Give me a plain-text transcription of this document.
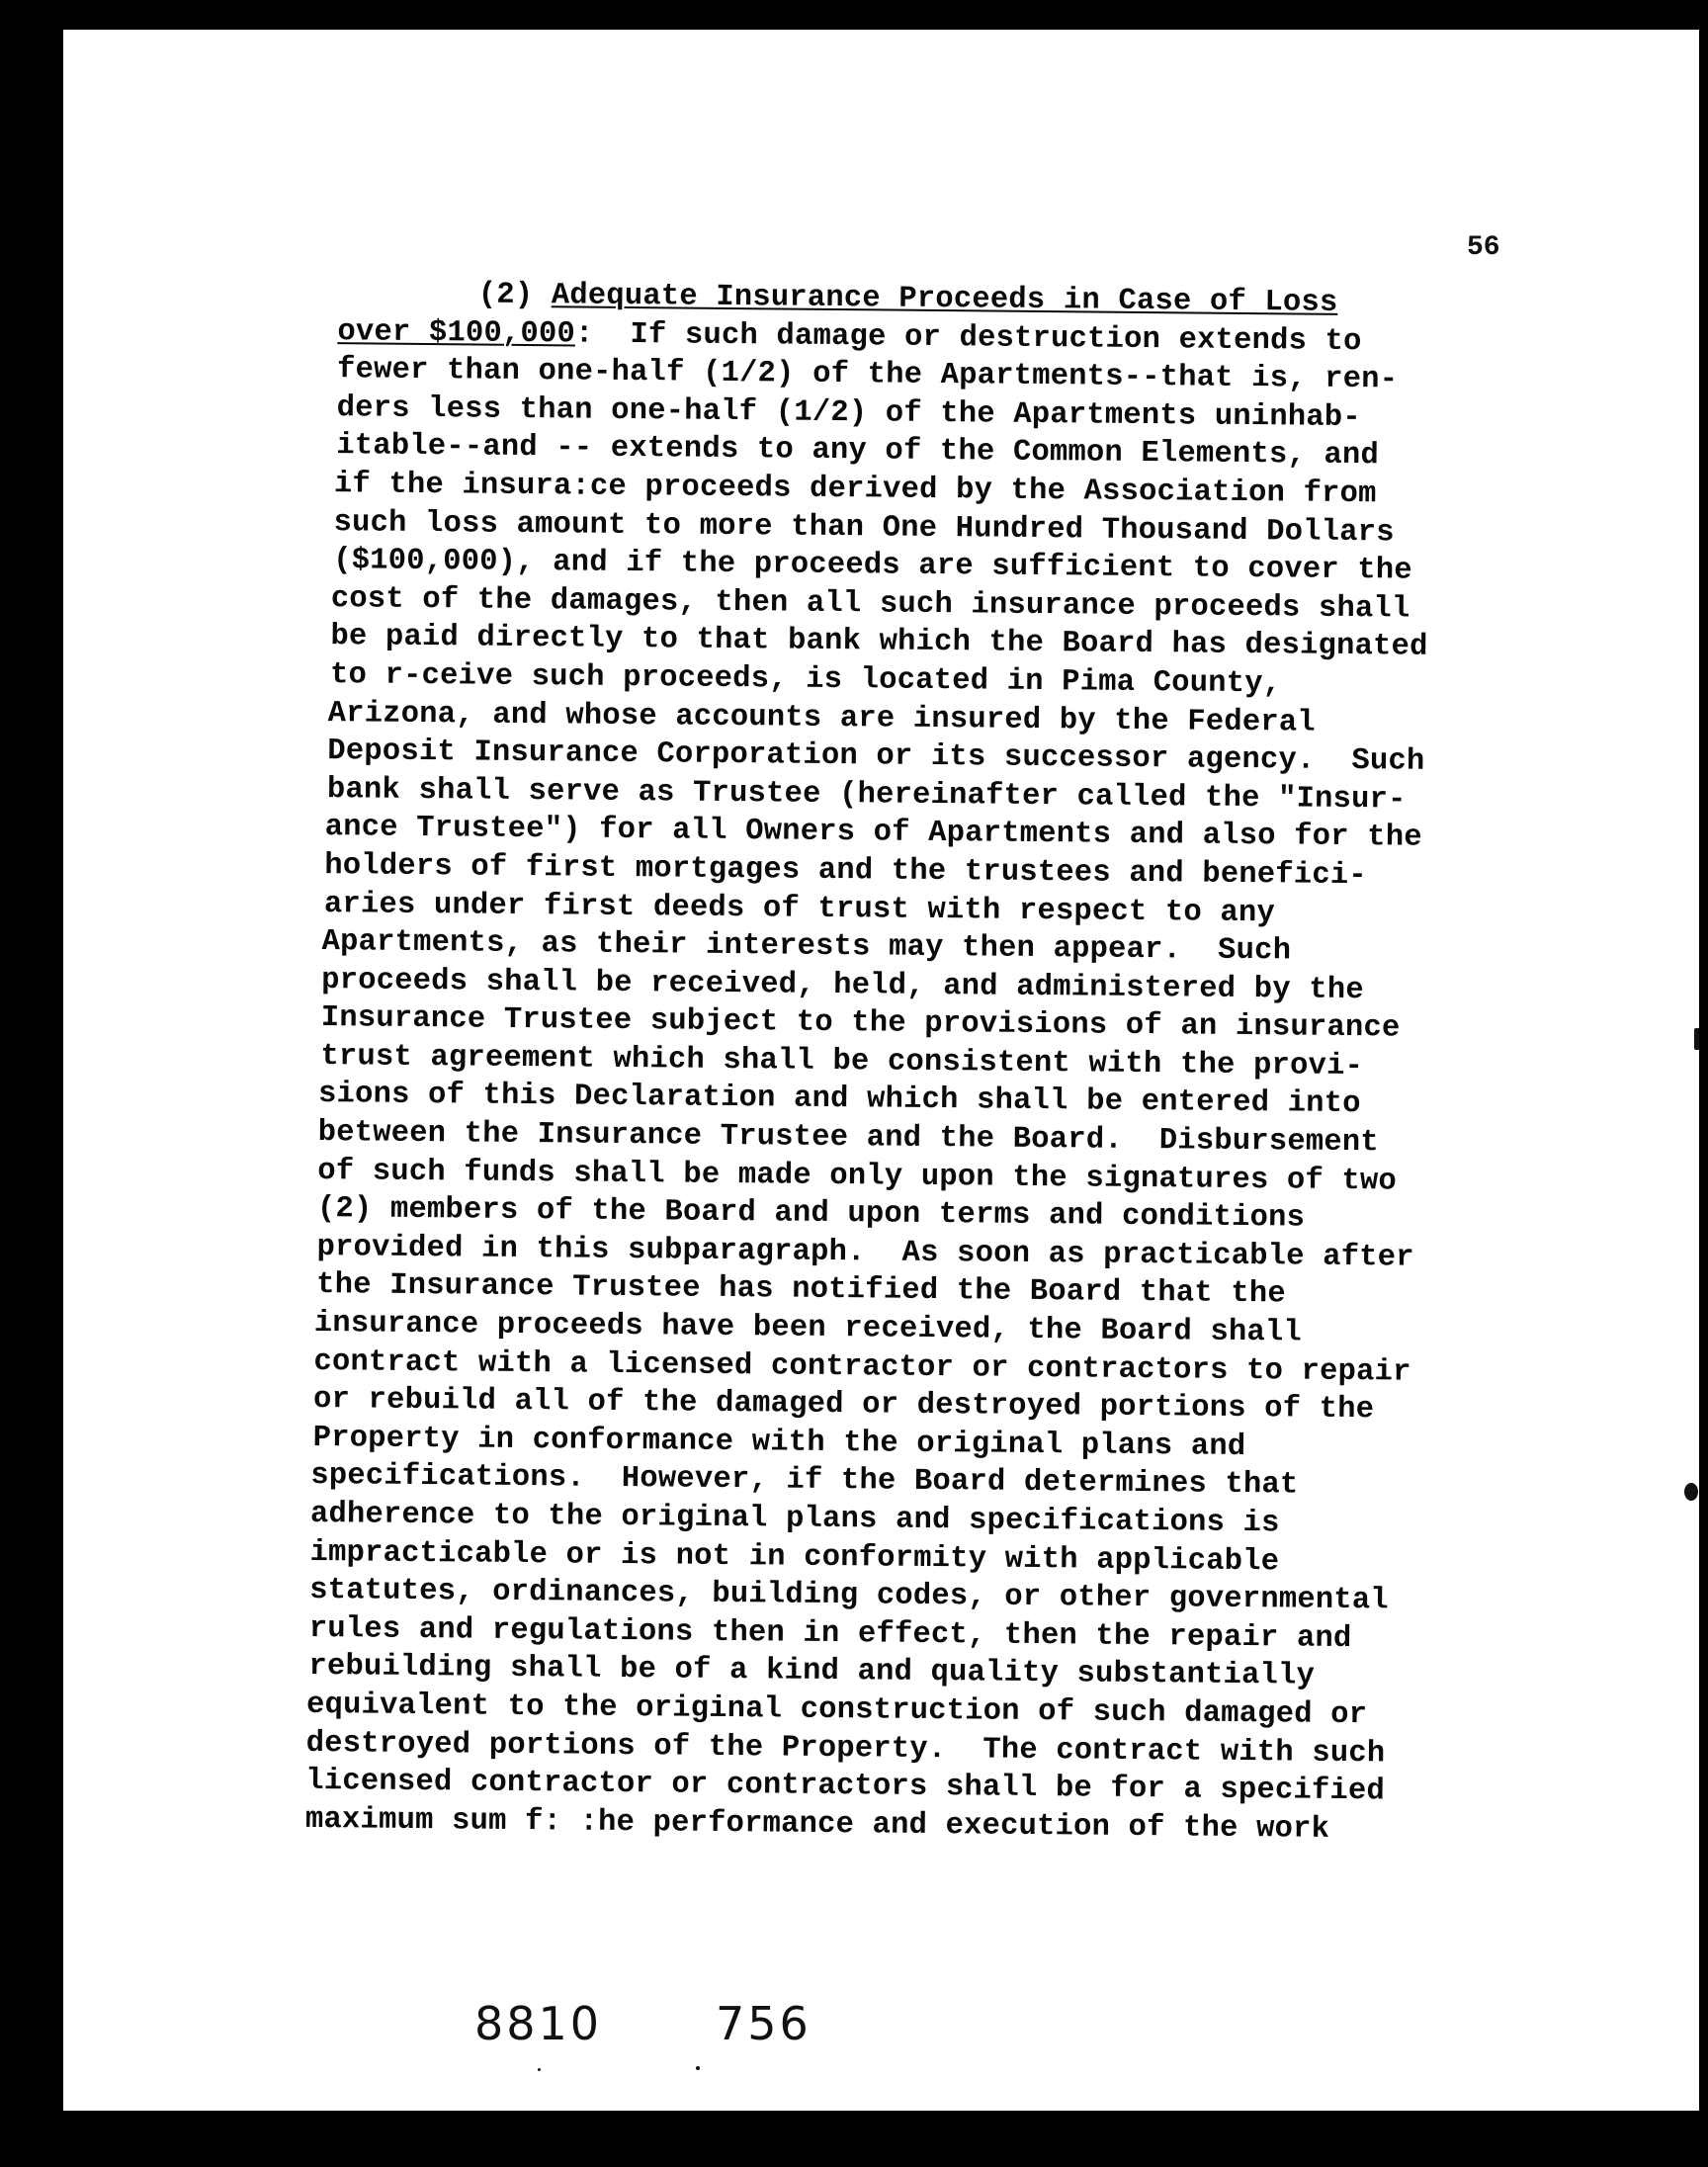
56
(2) Adequate Insurance Proceeds in Case of Loss
over $100,000:  If such damage or destruction extends to
fewer than one-half (1/2) of the Apartments--that is, ren-
ders less than one-half (1/2) of the Apartments uninhab-
itable--and -- extends to any of the Common Elements, and
if the insura:ce proceeds derived by the Association from
such loss amount to more than One Hundred Thousand Dollars
($100,000), and if the proceeds are sufficient to cover the
cost of the damages, then all such insurance proceeds shall
be paid directly to that bank which the Board has designated
to r-ceive such proceeds, is located in Pima County,
Arizona, and whose accounts are insured by the Federal
Deposit Insurance Corporation or its successor agency.  Such
bank shall serve as Trustee (hereinafter called the "Insur-
ance Trustee") for all Owners of Apartments and also for the
holders of first mortgages and the trustees and benefici-
aries under first deeds of trust with respect to any
Apartments, as their interests may then appear.  Such
proceeds shall be received, held, and administered by the
Insurance Trustee subject to the provisions of an insurance
trust agreement which shall be consistent with the provi-
sions of this Declaration and which shall be entered into
between the Insurance Trustee and the Board.  Disbursement
of such funds shall be made only upon the signatures of two
(2) members of the Board and upon terms and conditions
provided in this subparagraph.  As soon as practicable after
the Insurance Trustee has notified the Board that the
insurance proceeds have been received, the Board shall
contract with a licensed contractor or contractors to repair
or rebuild all of the damaged or destroyed portions of the
Property in conformance with the original plans and
specifications.  However, if the Board determines that
adherence to the original plans and specifications is
impracticable or is not in conformity with applicable
statutes, ordinances, building codes, or other governmental
rules and regulations then in effect, then the repair and
rebuilding shall be of a kind and quality substantially
equivalent to the original construction of such damaged or
destroyed portions of the Property.  The contract with such
licensed contractor or contractors shall be for a specified
maximum sum f: :he performance and execution of the work
8810 756
